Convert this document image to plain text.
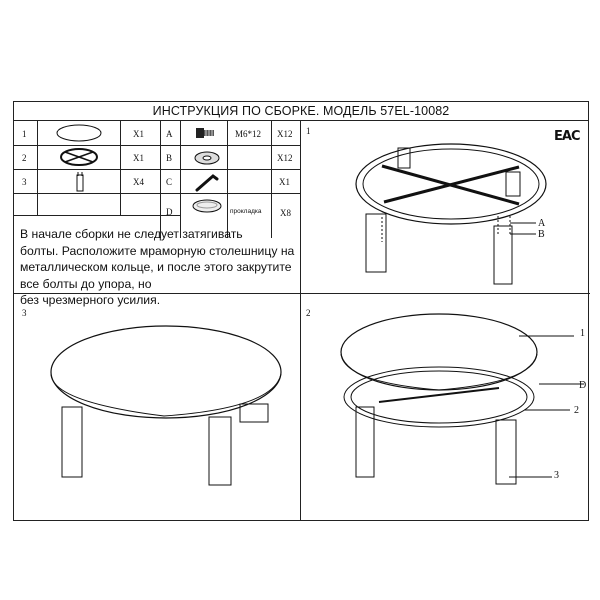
ИНСТРУКЦИЯ ПО СБОРКЕ. МОДЕЛЬ 57EL-10082
1
2
3
X1
X1
X4
A
B
C
D
M6*12
прокладка
X12
X12
X1
X8
В начале сборки не следует затягивать
болты. Расположите мраморную столешницу на
металлическом кольце, и после этого закрутите
все болты до упора, но
без чрезмерного усилия.
1	EAC
A
B
3	2
1
D
2
3
